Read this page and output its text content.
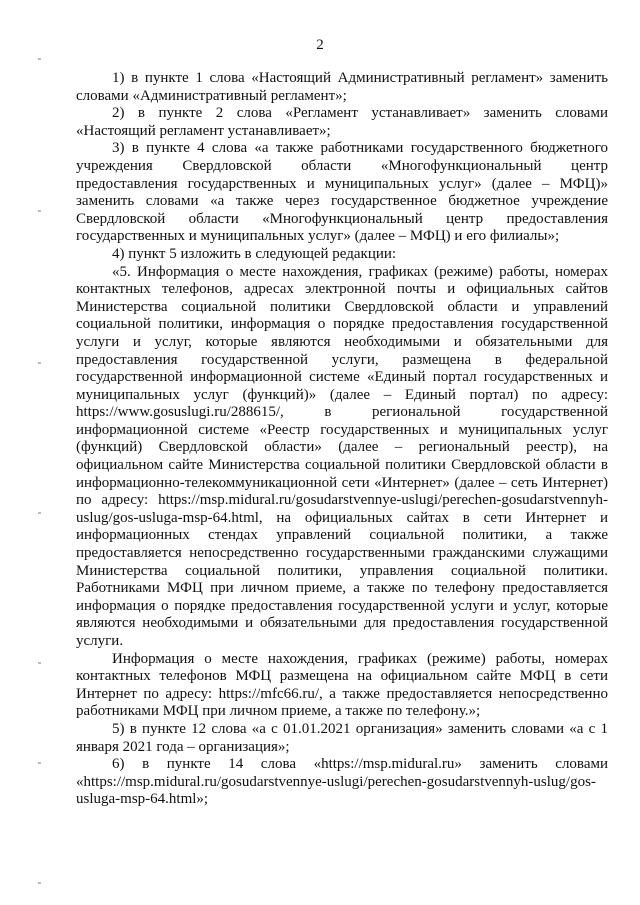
2

1) в пункте 1 слова «Настоящий Административный регламент» заменить словами «Административный регламент»;

2) в пункте 2 слова «Регламент устанавливает» заменить словами «Настоящий регламент устанавливает»;

3) в пункте 4 слова «а также работниками государственного бюджетного учреждения Свердловской области «Многофункциональный центр предоставления государственных и муниципальных услуг» (далее – МФЦ)» заменить словами «а также через государственное бюджетное учреждение Свердловской области «Многофункциональный центр предоставления государственных и муниципальных услуг» (далее – МФЦ) и его филиалы»;

4) пункт 5 изложить в следующей редакции:

«5. Информация о месте нахождения, графиках (режиме) работы, номерах контактных телефонов, адресах электронной почты и официальных сайтов Министерства социальной политики Свердловской области и управлений социальной политики, информация о порядке предоставления государственной услуги и услуг, которые являются необходимыми и обязательными для предоставления государственной услуги, размещена в федеральной государственной информационной системе «Единый портал государственных и муниципальных услуг (функций)» (далее – Единый портал) по адресу: https://www.gosuslugi.ru/288615/, в региональной государственной информационной системе «Реестр государственных и муниципальных услуг (функций) Свердловской области» (далее – региональный реестр), на официальном сайте Министерства социальной политики Свердловской области в информационно-телекоммуникационной сети «Интернет» (далее – сеть Интернет) по адресу: https://msp.midural.ru/gosudarstvennye-uslugi/perechen-gosudarstvennyh-uslug/gos-usluga-msp-64.html, на официальных сайтах в сети Интернет и информационных стендах управлений социальной политики, а также предоставляется непосредственно государственными гражданскими служащими Министерства социальной политики, управления социальной политики. Работниками МФЦ при личном приеме, а также по телефону предоставляется информация о порядке предоставления государственной услуги и услуг, которые являются необходимыми и обязательными для предоставления государственной услуги.

Информация о месте нахождения, графиках (режиме) работы, номерах контактных телефонов МФЦ размещена на официальном сайте МФЦ в сети Интернет по адресу: https://mfc66.ru/, а также предоставляется непосредственно работниками МФЦ при личном приеме, а также по телефону.»;

5) в пункте 12 слова «а с 01.01.2021 организация» заменить словами «а с 1 января 2021 года – организация»;

6) в пункте 14 слова «https://msp.midural.ru» заменить словами «https://msp.midural.ru/gosudarstvennye-uslugi/perechen-gosudarstvennyh-uslug/gos-usluga-msp-64.html»;
